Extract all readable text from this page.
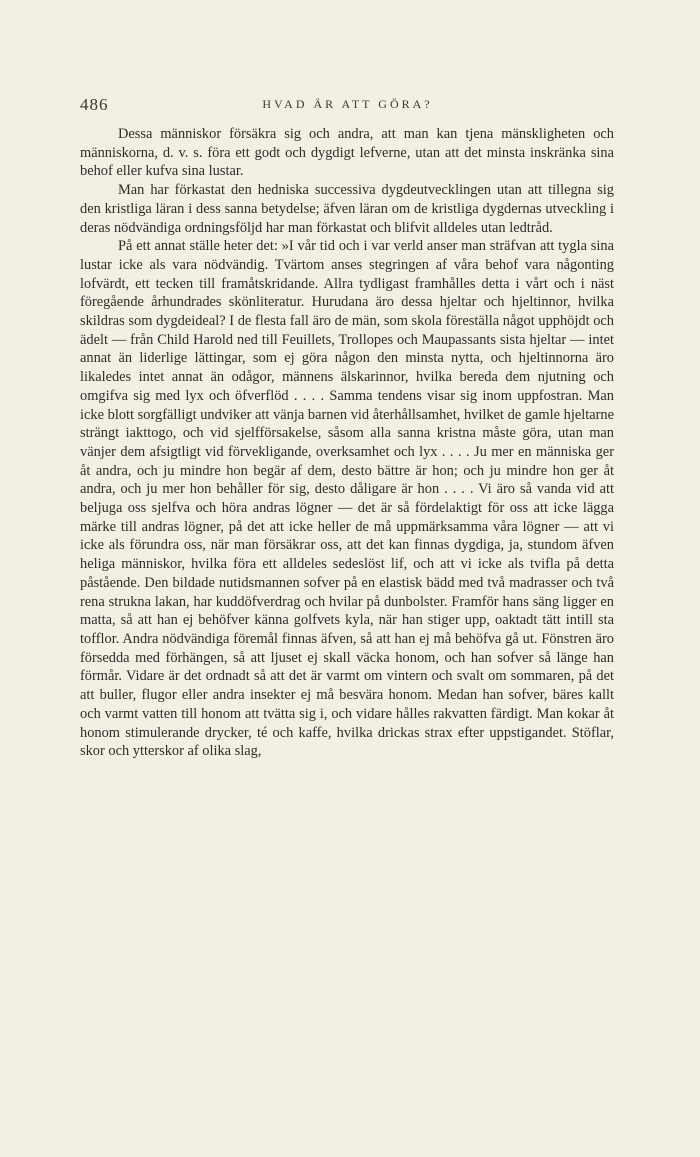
486	HVAD ÄR ATT GÖRA?

Dessa människor försäkra sig och andra, att man kan tjena mänskligheten och människorna, d. v. s. föra ett godt och dygdigt lefverne, utan att det minsta inskränka sina behof eller kufva sina lustar.

Man har förkastat den hedniska successiva dygdeutvecklingen utan att tillegna sig den kristliga läran i dess sanna betydelse; äfven läran om de kristliga dygdernas utveckling i deras nödvändiga ordningsföljd har man förkastat och blifvit alldeles utan ledtråd.

På ett annat ställe heter det: »I vår tid och i var verld anser man sträfvan att tygla sina lustar icke als vara nödvändig. Tvärtom anses stegringen af våra behof vara någonting lofvärdt, ett tecken till framåtskridande. Allra tydligast framhålles detta i vårt och i näst föregående århundrades skönliteratur. Hurudana äro dessa hjeltar och hjeltinnor, hvilka skildras som dygdeideal? I de flesta fall äro de män, som skola föreställa något upphöjdt och ädelt — från Child Harold ned till Feuillets, Trollopes och Maupassants sista hjeltar — intet annat än liderlige lättingar, som ej göra någon den minsta nytta, och hjeltinnorna äro likaledes intet annat än odågor, männens älskarinnor, hvilka bereda dem njutning och omgifva sig med lyx och öfverflöd . . . . Samma tendens visar sig inom uppfostran. Man icke blott sorgfälligt undviker att vänja barnen vid återhållsamhet, hvilket de gamle hjeltarne strängt iakttogo, och vid sjelfförsakelse, såsom alla sanna kristna måste göra, utan man vänjer dem afsigtligt vid förvekligande, overksamhet och lyx . . . . Ju mer en människa ger åt andra, och ju mindre hon begär af dem, desto bättre är hon; och ju mindre hon ger åt andra, och ju mer hon behåller för sig, desto dåligare är hon . . . . Vi äro så vanda vid att beljuga oss sjelfva och höra andras lögner — det är så fördelaktigt för oss att icke lägga märke till andras lögner, på det att icke heller de må uppmärksamma våra lögner — att vi icke als förundra oss, när man försäkrar oss, att det kan finnas dygdiga, ja, stundom äfven heliga människor, hvilka föra ett alldeles sedeslöst lif, och att vi icke als tvifla på detta påstående. Den bildade nutidsmannen sofver på en elastisk bädd med två madrasser och två rena strukna lakan, har kuddöfverdrag och hvilar på dunbolster. Framför hans säng ligger en matta, så att han ej behöfver känna golfvets kyla, när han stiger upp, oaktadt tätt intill sta tofflor. Andra nödvändiga föremål finnas äfven, så att han ej må behöfva gå ut. Fönstren äro försedda med förhängen, så att ljuset ej skall väcka honom, och han sofver så länge han förmår. Vidare är det ordnadt så att det är varmt om vintern och svalt om sommaren, på det att buller, flugor eller andra insekter ej må besvära honom. Medan han sofver, bäres kallt och varmt vatten till honom att tvätta sig i, och vidare hålles rakvatten färdigt. Man kokar åt honom stimulerande drycker, té och kaffe, hvilka drickas strax efter uppstigandet. Stöflar, skor och ytterskor af olika slag,
